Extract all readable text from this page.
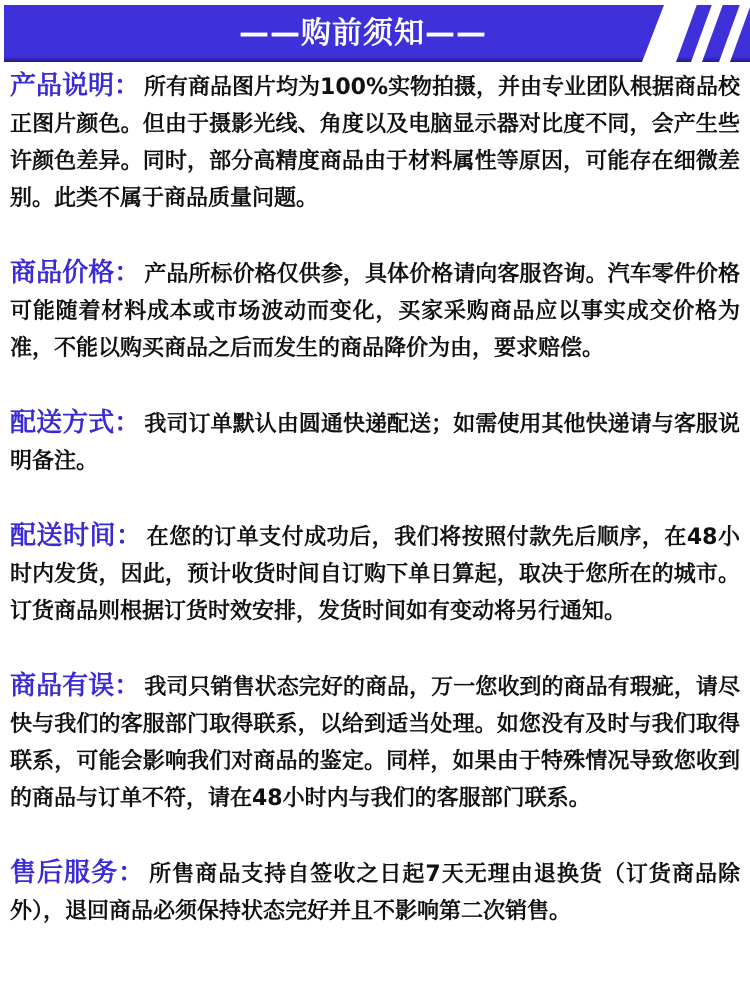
——购前须知——

产品说明： 所有商品图片均为100%实物拍摄，并由专业团队根据商品校正图片颜色。但由于摄影光线、角度以及电脑显示器对比度不同，会产生些许颜色差异。同时，部分高精度商品由于材料属性等原因，可能存在细微差别。此类不属于商品质量问题。

商品价格： 产品所标价格仅供参，具体价格请向客服咨询。汽车零件价格可能随着材料成本或市场波动而变化，买家采购商品应以事实成交价格为准，不能以购买商品之后而发生的商品降价为由，要求赔偿。

配送方式： 我司订单默认由圆通快递配送；如需使用其他快递请与客服说明备注。

配送时间： 在您的订单支付成功后，我们将按照付款先后顺序，在48小时内发货，因此，预计收货时间自订购下单日算起，取决于您所在的城市。订货商品则根据订货时效安排，发货时间如有变动将另行通知。

商品有误： 我司只销售状态完好的商品，万一您收到的商品有瑕疵，请尽快与我们的客服部门取得联系，以给到适当处理。如您没有及时与我们取得联系，可能会影响我们对商品的鉴定。同样，如果由于特殊情况导致您收到的商品与订单不符，请在48小时内与我们的客服部门联系。

售后服务： 所售商品支持自签收之日起7天无理由退换货（订货商品除外），退回商品必须保持状态完好并且不影响第二次销售。
